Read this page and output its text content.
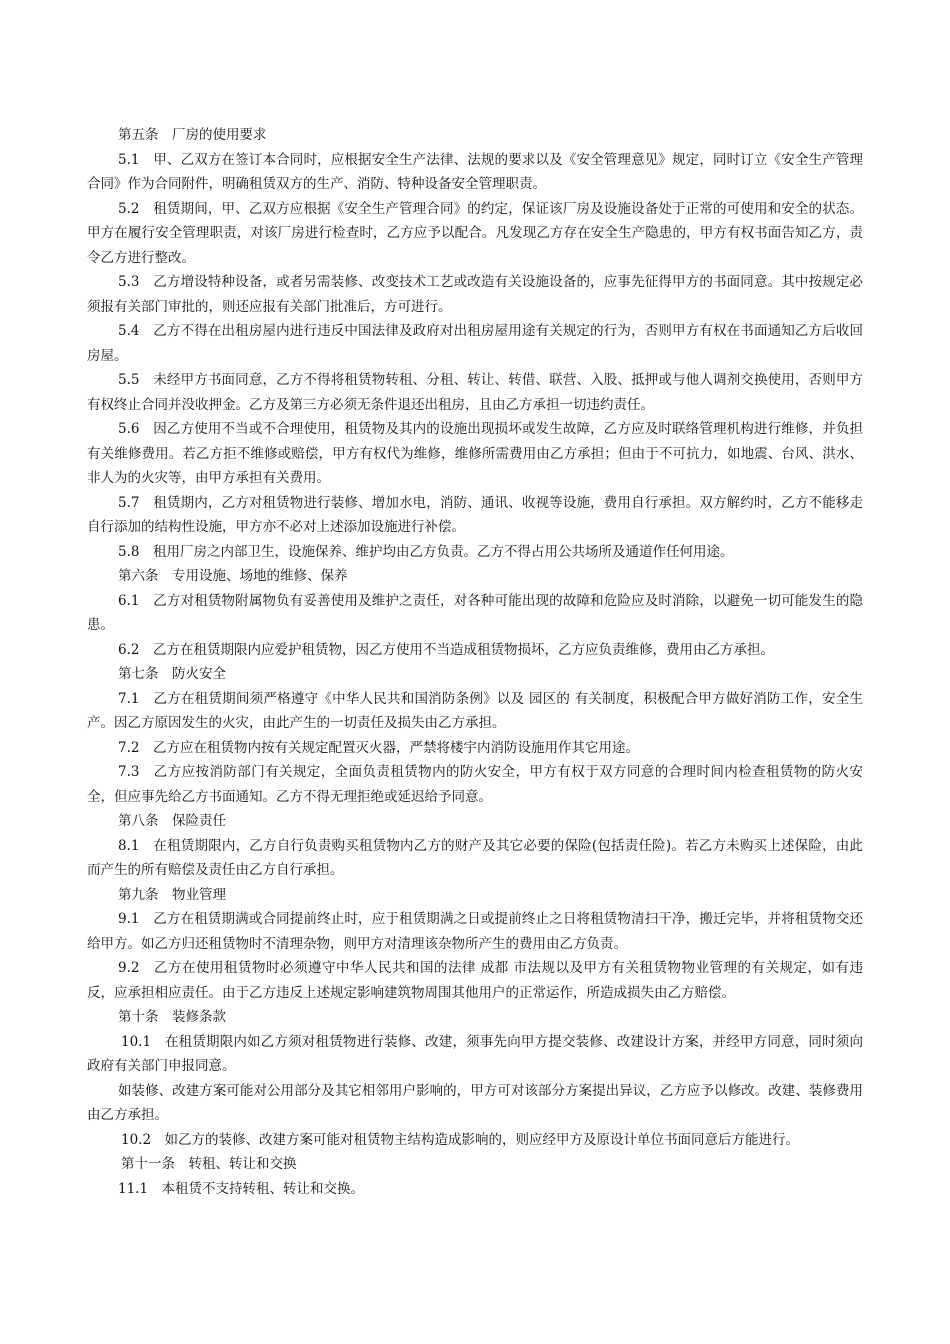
第五条　厂房的使用要求

5.1　甲、乙双方在签订本合同时，应根据安全生产法律、法规的要求以及《安全管理意见》规定，同时订立《安全生产管理合同》作为合同附件，明确租赁双方的生产、消防、特种设备安全管理职责。

5.2　租赁期间，甲、乙双方应根据《安全生产管理合同》的约定，保证该厂房及设施设备处于正常的可使用和安全的状态。甲方在履行安全管理职责，对该厂房进行检查时，乙方应予以配合。凡发现乙方存在安全生产隐患的，甲方有权书面告知乙方，责令乙方进行整改。

5.3　乙方增设特种设备，或者另需装修、改变技术工艺或改造有关设施设备的，应事先征得甲方的书面同意。其中按规定必须报有关部门审批的，则还应报有关部门批准后，方可进行。

5.4　乙方不得在出租房屋内进行违反中国法律及政府对出租房屋用途有关规定的行为，否则甲方有权在书面通知乙方后收回房屋。

5.5　未经甲方书面同意，乙方不得将租赁物转租、分租、转让、转借、联营、入股、抵押或与他人调剂交换使用，否则甲方有权终止合同并没收押金。乙方及第三方必须无条件退还出租房，且由乙方承担一切违约责任。

5.6　因乙方使用不当或不合理使用，租赁物及其内的设施出现损坏或发生故障，乙方应及时联络管理机构进行维修，并负担有关维修费用。若乙方拒不维修或赔偿，甲方有权代为维修，维修所需费用由乙方承担；但由于不可抗力，如地震、台风、洪水、非人为的火灾等，由甲方承担有关费用。

5.7　租赁期内，乙方对租赁物进行装修、增加水电，消防、通讯、收视等设施，费用自行承担。双方解约时，乙方不能移走自行添加的结构性设施，甲方亦不必对上述添加设施进行补偿。

5.8　租用厂房之内部卫生，设施保养、维护均由乙方负责。乙方不得占用公共场所及通道作任何用途。

第六条　专用设施、场地的维修、保养

6.1　乙方对租赁物附属物负有妥善使用及维护之责任，对各种可能出现的故障和危险应及时消除，以避免一切可能发生的隐患。

6.2　乙方在租赁期限内应爱护租赁物，因乙方使用不当造成租赁物损坏，乙方应负责维修，费用由乙方承担。

第七条　防火安全

7.1　乙方在租赁期间须严格遵守《中华人民共和国消防条例》以及 园区的 有关制度，积极配合甲方做好消防工作，安全生产。因乙方原因发生的火灾，由此产生的一切责任及损失由乙方承担。

7.2　乙方应在租赁物内按有关规定配置灭火器，严禁将楼宇内消防设施用作其它用途。

7.3　乙方应按消防部门有关规定，全面负责租赁物内的防火安全，甲方有权于双方同意的合理时间内检查租赁物的防火安全，但应事先给乙方书面通知。乙方不得无理拒绝或延迟给予同意。

第八条　保险责任

8.1　在租赁期限内，乙方自行负责购买租赁物内乙方的财产及其它必要的保险(包括责任险)。若乙方未购买上述保险，由此而产生的所有赔偿及责任由乙方自行承担。

第九条　物业管理

9.1　乙方在租赁期满或合同提前终止时，应于租赁期满之日或提前终止之日将租赁物清扫干净，搬迁完毕，并将租赁物交还给甲方。如乙方归还租赁物时不清理杂物，则甲方对清理该杂物所产生的费用由乙方负责。

9.2　乙方在使用租赁物时必须遵守中华人民共和国的法律 成都 市法规以及甲方有关租赁物物业管理的有关规定，如有违反，应承担相应责任。由于乙方违反上述规定影响建筑物周围其他用户的正常运作，所造成损失由乙方赔偿。

第十条　装修条款

10.1　在租赁期限内如乙方须对租赁物进行装修、改建，须事先向甲方提交装修、改建设计方案，并经甲方同意，同时须向政府有关部门申报同意。

如装修、改建方案可能对公用部分及其它相邻用户影响的，甲方可对该部分方案提出异议，乙方应予以修改。改建、装修费用由乙方承担。

10.2　如乙方的装修、改建方案可能对租赁物主结构造成影响的，则应经甲方及原设计单位书面同意后方能进行。

第十一条　转租、转让和交换

11.1　本租赁不支持转租、转让和交换。
